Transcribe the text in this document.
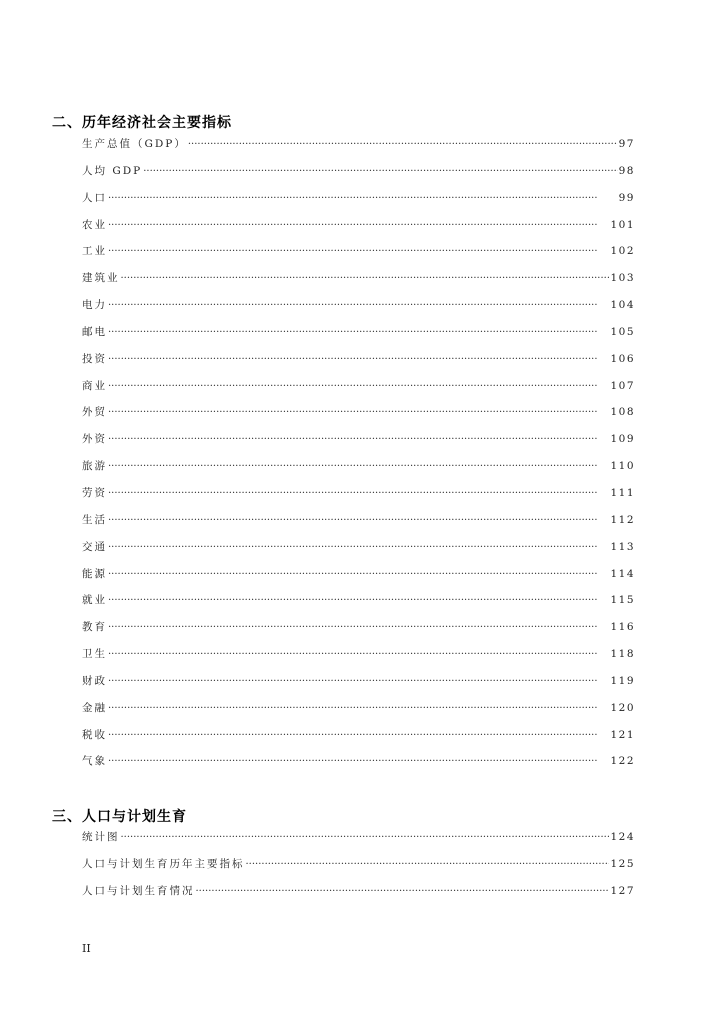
二、历年经济社会主要指标
生产总值（GDP） ·····	97
人均 GDP ·····	98
人口 ·····	99
农业 ·····	101
工业 ·····	102
建筑业 ·····	103
电力 ·····	104
邮电 ·····	105
投资 ·····	106
商业 ·····	107
外贸 ·····	108
外资 ·····	109
旅游 ·····	110
劳资 ·····	111
生活 ·····	112
交通 ·····	113
能源 ·····	114
就业 ·····	115
教育 ·····	116
卫生 ·····	118
财政 ·····	119
金融 ·····	120
税收 ·····	121
气象 ·····	122
三、人口与计划生育
统计图 ·····	124
人口与计划生育历年主要指标 ·····	125
人口与计划生育情况 ·····	127
II
